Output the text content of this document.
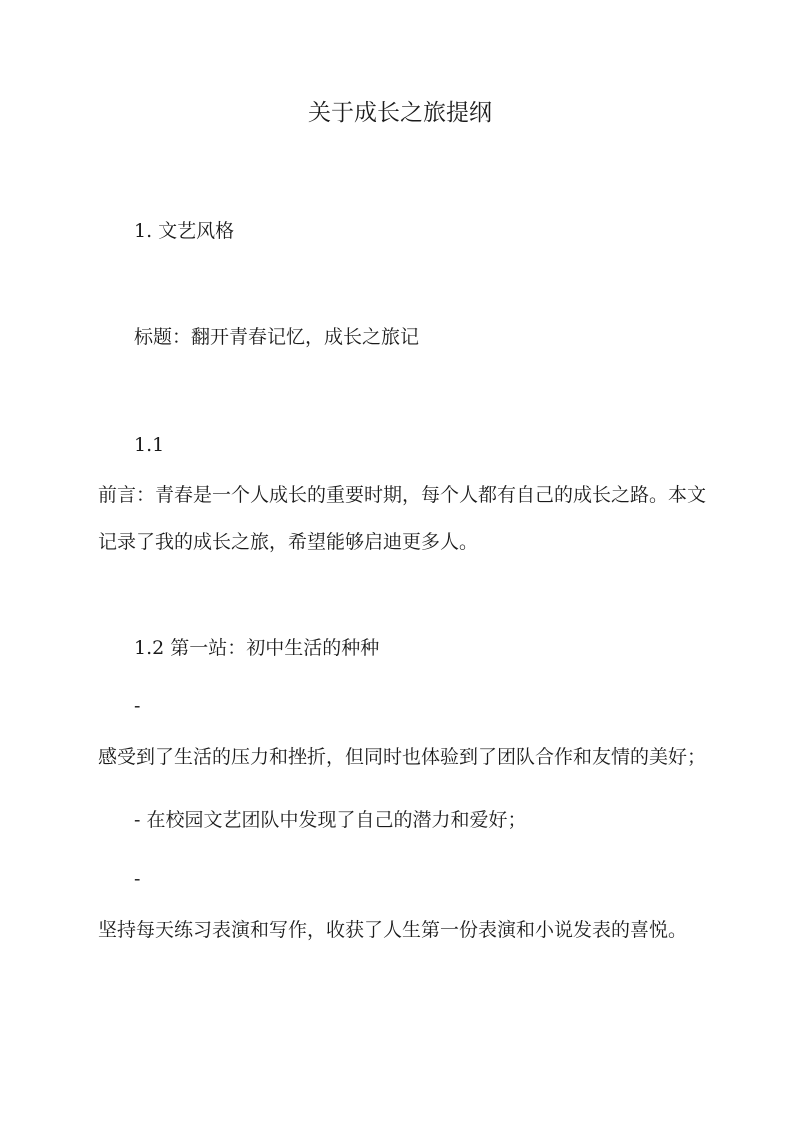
关于成长之旅提纲
1. 文艺风格
标题：翻开青春记忆，成长之旅记
1.1
前言：青春是一个人成长的重要时期，每个人都有自己的成长之路。本文
记录了我的成长之旅，希望能够启迪更多人。
1.2 第一站：初中生活的种种
-
感受到了生活的压力和挫折，但同时也体验到了团队合作和友情的美好；
- 在校园文艺团队中发现了自己的潜力和爱好；
-
坚持每天练习表演和写作，收获了人生第一份表演和小说发表的喜悦。
